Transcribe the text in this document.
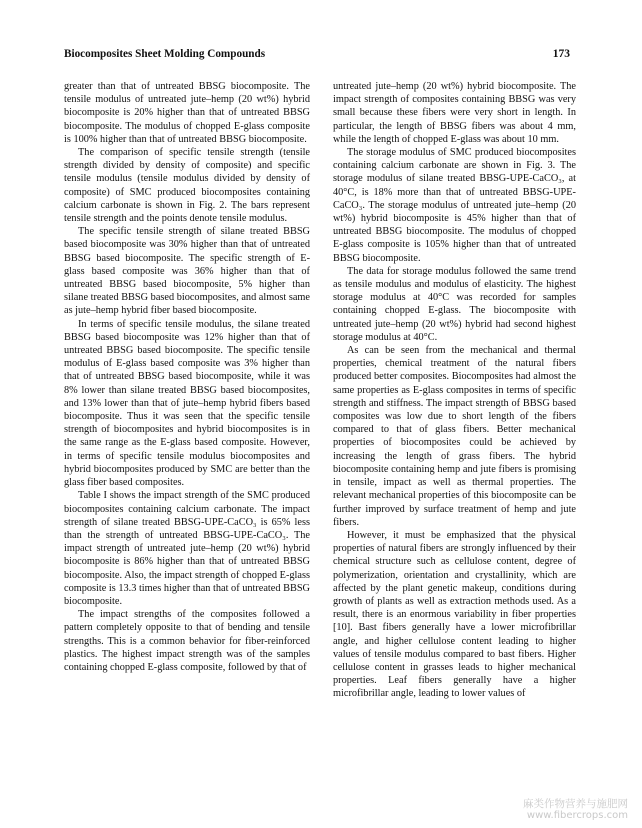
Biocomposites Sheet Molding Compounds	173

greater than that of untreated BBSG biocomposite. The tensile modulus of untreated jute–hemp (20 wt%) hybrid biocomposite is 20% higher than that of untreated BBSG biocomposite. The modulus of chopped E-glass composite is 100% higher than that of untreated BBSG biocomposite.

The comparison of specific tensile strength (tensile strength divided by density of composite) and specific tensile modulus (tensile modulus divided by density of composite) of SMC produced biocomposites containing calcium carbonate is shown in Fig. 2. The bars represent tensile strength and the points denote tensile modulus.

The specific tensile strength of silane treated BBSG based biocomposite was 30% higher than that of untreated BBSG based biocomposite. The specific strength of E-glass based composite was 36% higher than that of untreated BBSG based biocomposite, 5% higher than silane treated BBSG based biocomposites, and almost same as jute–hemp hybrid fiber based biocomposite.

In terms of specific tensile modulus, the silane treated BBSG based biocomposite was 12% higher than that of untreated BBSG based biocomposite. The specific tensile modulus of E-glass based composite was 3% higher than that of untreated BBSG based biocomposite, while it was 8% lower than silane treated BBSG based biocomposites, and 13% lower than that of jute–hemp hybrid fibers based biocomposite. Thus it was seen that the specific tensile strength of biocomposites and hybrid biocomposites is in the same range as the E-glass based composite. However, in terms of specific tensile modulus biocomposites and hybrid biocomposites produced by SMC are better than the glass fiber based composites.

Table I shows the impact strength of the SMC produced biocomposites containing calcium carbonate. The impact strength of silane treated BBSG-UPE-CaCO₃ is 65% less than the strength of untreated BBSG-UPE-CaCO₃. The impact strength of untreated jute–hemp (20 wt%) hybrid biocomposite is 86% higher than that of untreated BBSG biocomposite. Also, the impact strength of chopped E-glass composite is 13.3 times higher than that of untreated BBSG biocomposite.

The impact strengths of the composites followed a pattern completely opposite to that of bending and tensile strengths. This is a common behavior for fiber-reinforced plastics. The highest impact strength was of the samples containing chopped E-glass composite, followed by that of

untreated jute–hemp (20 wt%) hybrid biocomposite. The impact strength of composites containing BBSG was very small because these fibers were very short in length. In particular, the length of BBSG fibers was about 4 mm, while the length of chopped E-glass was about 10 mm.

The storage modulus of SMC produced biocomposites containing calcium carbonate are shown in Fig. 3. The storage modulus of silane treated BBSG-UPE-CaCO₃, at 40°C, is 18% more than that of untreated BBSG-UPE-CaCO₃. The storage modulus of untreated jute–hemp (20 wt%) hybrid biocomposite is 45% higher than that of untreated BBSG biocomposite. The modulus of chopped E-glass composite is 105% higher than that of untreated BBSG biocomposite.

The data for storage modulus followed the same trend as tensile modulus and modulus of elasticity. The highest storage modulus at 40°C was recorded for samples containing chopped E-glass. The biocomposite with untreated jute–hemp (20 wt%) hybrid had second highest storage modulus at 40°C.

As can be seen from the mechanical and thermal properties, chemical treatment of the natural fibers produced better composites. Biocomposites had almost the same properties as E-glass composites in terms of specific strength and stiffness. The impact strength of BBSG based composites was low due to short length of the fibers compared to that of glass fibers. Better mechanical properties of biocomposites could be achieved by increasing the length of grass fibers. The hybrid biocomposite containing hemp and jute fibers is promising in tensile, impact as well as thermal properties. The relevant mechanical properties of this biocomposite can be further improved by surface treatment of hemp and jute fibers.

However, it must be emphasized that the physical properties of natural fibers are strongly influenced by their chemical structure such as cellulose content, degree of polymerization, orientation and crystallinity, which are affected by the plant genetic makeup, conditions during growth of plants as well as extraction methods used. As a result, there is an enormous variability in fiber properties [10]. Bast fibers generally have a lower microfibrillar angle, and higher cellulose content leading to higher values of tensile modulus compared to bast fibers. Higher cellulose content in grasses leads to higher mechanical properties. Leaf fibers generally have a higher microfibrillar angle, leading to lower values of

麻类作物营养与施肥网
www.fibercrops.com
